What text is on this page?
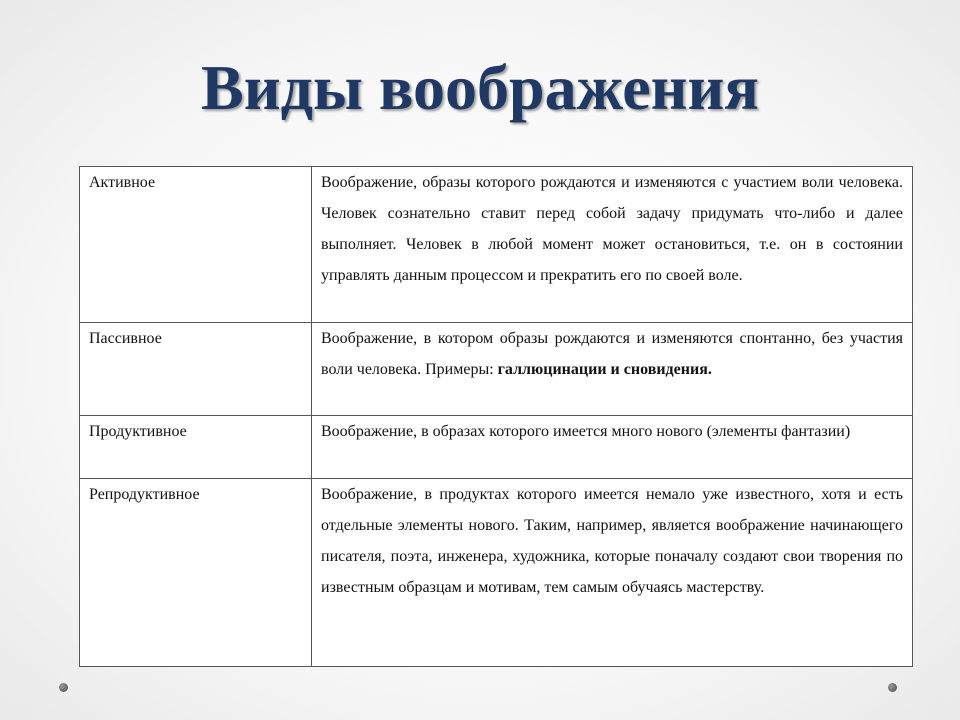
Виды воображения
Активное	Воображение, образы которого рождаются и изменяются с участием воли человека. Человек сознательно ставит перед собой задачу придумать что-либо и далее выполняет. Человек в любой момент может остановиться, т.е. он в состоянии управлять данным процессом и прекратить его по своей воле.
Пассивное	Воображение, в котором образы рождаются и изменяются спонтанно, без участия воли человека. Примеры: галлюцинации и сновидения.
Продуктивное	Воображение, в образах которого имеется много нового (элементы фантазии)
Репродуктивное	Воображение, в продуктах которого имеется немало уже известного, хотя и есть отдельные элементы нового. Таким, например, является воображение начинающего писателя, поэта, инженера, художника, которые поначалу создают свои творения по известным образцам и мотивам, тем самым обучаясь мастерству.
